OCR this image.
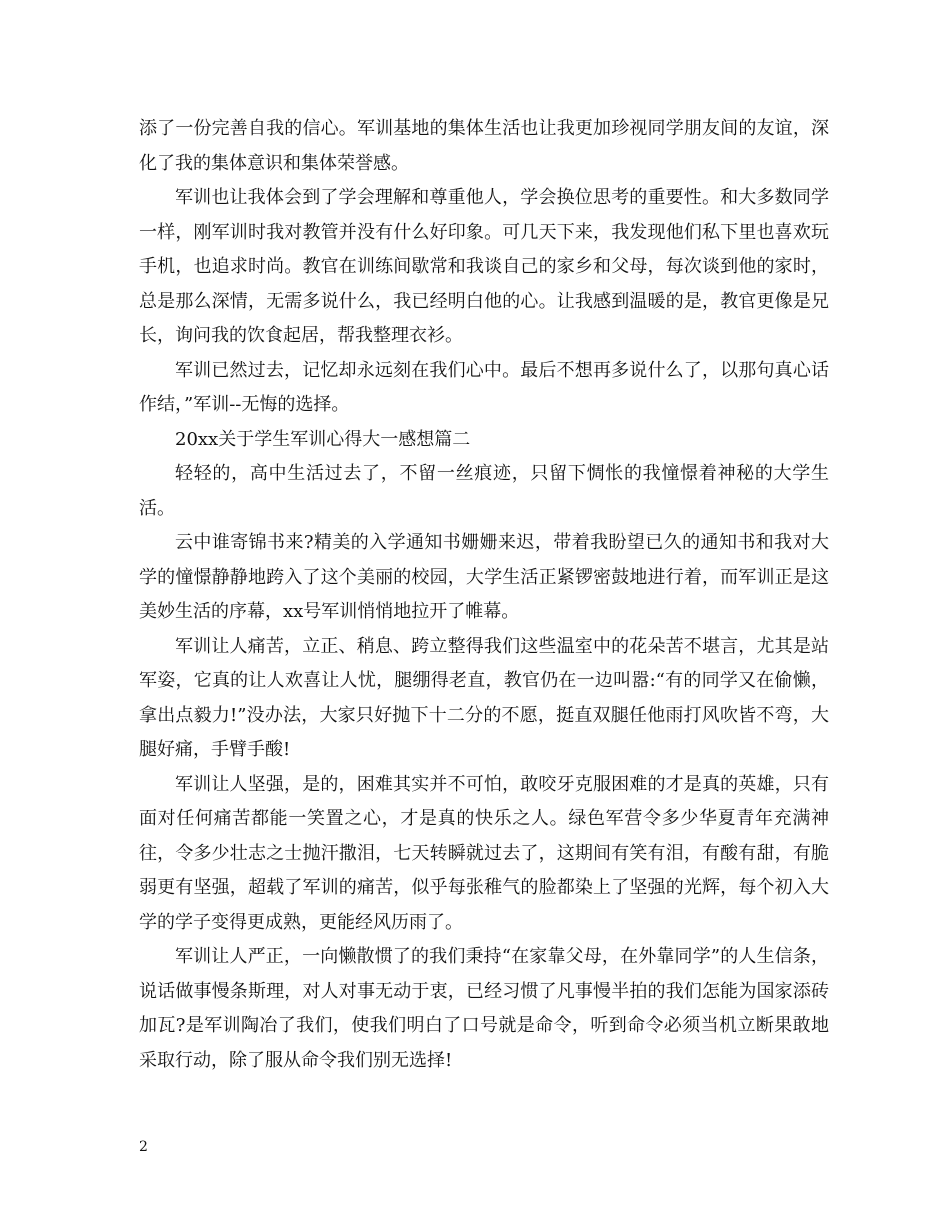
添了一份完善自我的信心。军训基地的集体生活也让我更加珍视同学朋友间的友谊，深化了我的集体意识和集体荣誉感。

军训也让我体会到了学会理解和尊重他人，学会换位思考的重要性。和大多数同学一样，刚军训时我对教管并没有什么好印象。可几天下来，我发现他们私下里也喜欢玩手机，也追求时尚。教官在训练间歇常和我谈自己的家乡和父母，每次谈到他的家时，总是那么深情，无需多说什么，我已经明白他的心。让我感到温暖的是，教官更像是兄长，询问我的饮食起居，帮我整理衣衫。

军训已然过去，记忆却永远刻在我们心中。最后不想再多说什么了，以那句真心话作结，”军训--无悔的选择。

20xx关于学生军训心得大一感想篇二

轻轻的，高中生活过去了，不留一丝痕迹，只留下惆怅的我憧憬着神秘的大学生活。

云中谁寄锦书来?精美的入学通知书姗姗来迟，带着我盼望已久的通知书和我对大学的憧憬静静地跨入了这个美丽的校园，大学生活正紧锣密鼓地进行着，而军训正是这美妙生活的序幕，xx号军训悄悄地拉开了帷幕。

军训让人痛苦，立正、稍息、跨立整得我们这些温室中的花朵苦不堪言，尤其是站军姿，它真的让人欢喜让人忧，腿绷得老直，教官仍在一边叫嚣:“有的同学又在偷懒，拿出点毅力!”没办法，大家只好抛下十二分的不愿，挺直双腿任他雨打风吹皆不弯，大腿好痛，手臂手酸!

军训让人坚强，是的，困难其实并不可怕，敢咬牙克服困难的才是真的英雄，只有面对任何痛苦都能一笑置之心，才是真的快乐之人。绿色军营令多少华夏青年充满神往，令多少壮志之士抛汗撒泪，七天转瞬就过去了，这期间有笑有泪，有酸有甜，有脆弱更有坚强，超载了军训的痛苦，似乎每张稚气的脸都染上了坚强的光辉，每个初入大学的学子变得更成熟，更能经风历雨了。

军训让人严正，一向懒散惯了的我们秉持“在家靠父母，在外靠同学”的人生信条，说话做事慢条斯理，对人对事无动于衷，已经习惯了凡事慢半拍的我们怎能为国家添砖加瓦?是军训陶冶了我们，使我们明白了口号就是命令，听到命令必须当机立断果敢地采取行动，除了服从命令我们别无选择!

2
